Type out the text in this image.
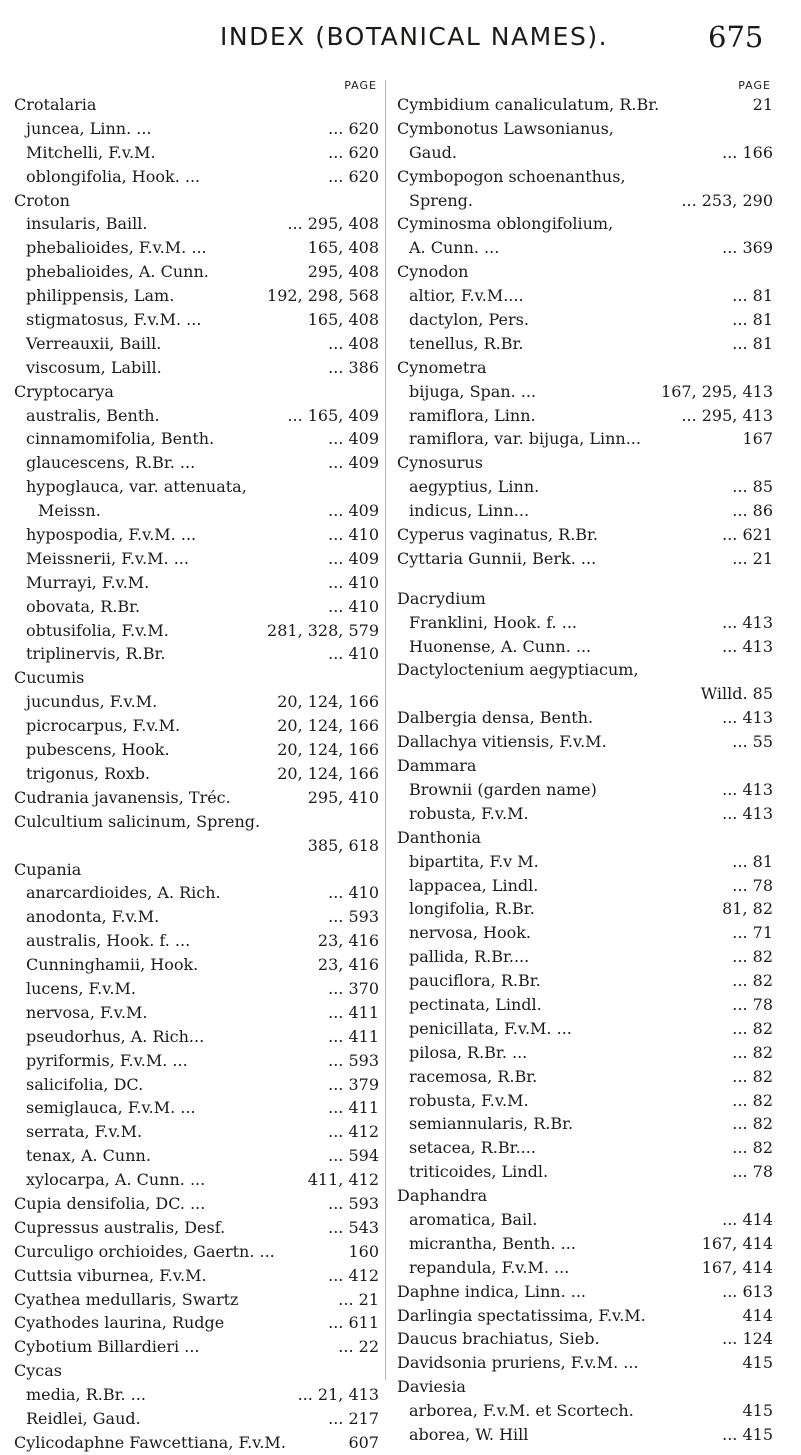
INDEX (BOTANICAL NAMES).	675
PAGE
Crotalaria
juncea, Linn. ...	... 620
Mitchelli, F.v.M.	... 620
oblongifolia, Hook. ...	... 620
Croton
insularis, Baill.	... 295, 408
phebalioides, F.v.M. ...	165, 408
phebalioides, A. Cunn.	295, 408
philippensis, Lam.	192, 298, 568
stigmatosus, F.v.M. ...	165, 408
Verreauxii, Baill.	... 408
viscosum, Labill.	... 386
Cryptocarya
australis, Benth.	... 165, 409
cinnamomifolia, Benth.	... 409
glaucescens, R.Br. ...	... 409
hypoglauca, var. attenuata,
Meissn.	... 409
hypospodia, F.v.M. ...	... 410
Meissnerii, F.v.M. ...	... 409
Murrayi, F.v.M.	... 410
obovata, R.Br.	... 410
obtusifolia, F.v.M.	281, 328, 579
triplinervis, R.Br.	... 410
Cucumis
jucundus, F.v.M.	20, 124, 166
picrocarpus, F.v.M.	20, 124, 166
pubescens, Hook.	20, 124, 166
trigonus, Roxb.	20, 124, 166
Cudrania javanensis, Tréc.	295, 410
Culcultium salicinum, Spreng.
385, 618
Cupania
anarcardioides, A. Rich.	... 410
anodonta, F.v.M.	... 593
australis, Hook. f. ...	23, 416
Cunninghamii, Hook.	23, 416
lucens, F.v.M.	... 370
nervosa, F.v.M.	... 411
pseudorhus, A. Rich...	... 411
pyriformis, F.v.M. ...	... 593
salicifolia, DC.	... 379
semiglauca, F.v.M. ...	... 411
serrata, F.v.M.	... 412
tenax, A. Cunn.	... 594
xylocarpa, A. Cunn. ...	411, 412
Cupia densifolia, DC. ...	... 593
Cupressus australis, Desf.	... 543
Curculigo orchioides, Gaertn. ...	160
Cuttsia viburnea, F.v.M.	... 412
Cyathea medullaris, Swartz	... 21
Cyathodes laurina, Rudge	... 611
Cybotium Billardieri ...	... 22
Cycas
media, R.Br. ...	... 21, 413
Reidlei, Gaud.	... 217
Cylicodaphne Fawcettiana, F.v.M.	607
PAGE
Cymbidium canaliculatum, R.Br.	21
Cymbonotus Lawsonianus,
Gaud.	... 166
Cymbopogon schoenanthus,
Spreng.	... 253, 290
Cyminosma oblongifolium,
A. Cunn. ...	... 369
Cynodon
altior, F.v.M....	... 81
dactylon, Pers.	... 81
tenellus, R.Br.	... 81
Cynometra
bijuga, Span. ...	167, 295, 413
ramiflora, Linn.	... 295, 413
ramiflora, var. bijuga, Linn...	167
Cynosurus
aegyptius, Linn.	... 85
indicus, Linn...	... 86
Cyperus vaginatus, R.Br.	... 621
Cyttaria Gunnii, Berk. ...	... 21
Dacrydium
Franklini, Hook. f. ...	... 413
Huonense, A. Cunn. ...	... 413
Dactyloctenium aegyptiacum,
Willd. 85
Dalbergia densa, Benth.	... 413
Dallachya vitiensis, F.v.M.	... 55
Dammara
Brownii (garden name)	... 413
robusta, F.v.M.	... 413
Danthonia
bipartita, F.v M.	... 81
lappacea, Lindl.	... 78
longifolia, R.Br.	81, 82
nervosa, Hook.	... 71
pallida, R.Br....	... 82
pauciflora, R.Br.	... 82
pectinata, Lindl.	... 78
penicillata, F.v.M. ...	... 82
pilosa, R.Br. ...	... 82
racemosa, R.Br.	... 82
robusta, F.v.M.	... 82
semiannularis, R.Br.	... 82
setacea, R.Br....	... 82
triticoides, Lindl.	... 78
Daphandra
aromatica, Bail.	... 414
micrantha, Benth. ...	167, 414
repandula, F.v.M. ...	167, 414
Daphne indica, Linn. ...	... 613
Darlingia spectatissima, F.v.M.	414
Daucus brachiatus, Sieb.	... 124
Davidsonia pruriens, F.v.M. ...	415
Daviesia
arborea, F.v.M. et Scortech.	415
aborea, W. Hill	... 415
